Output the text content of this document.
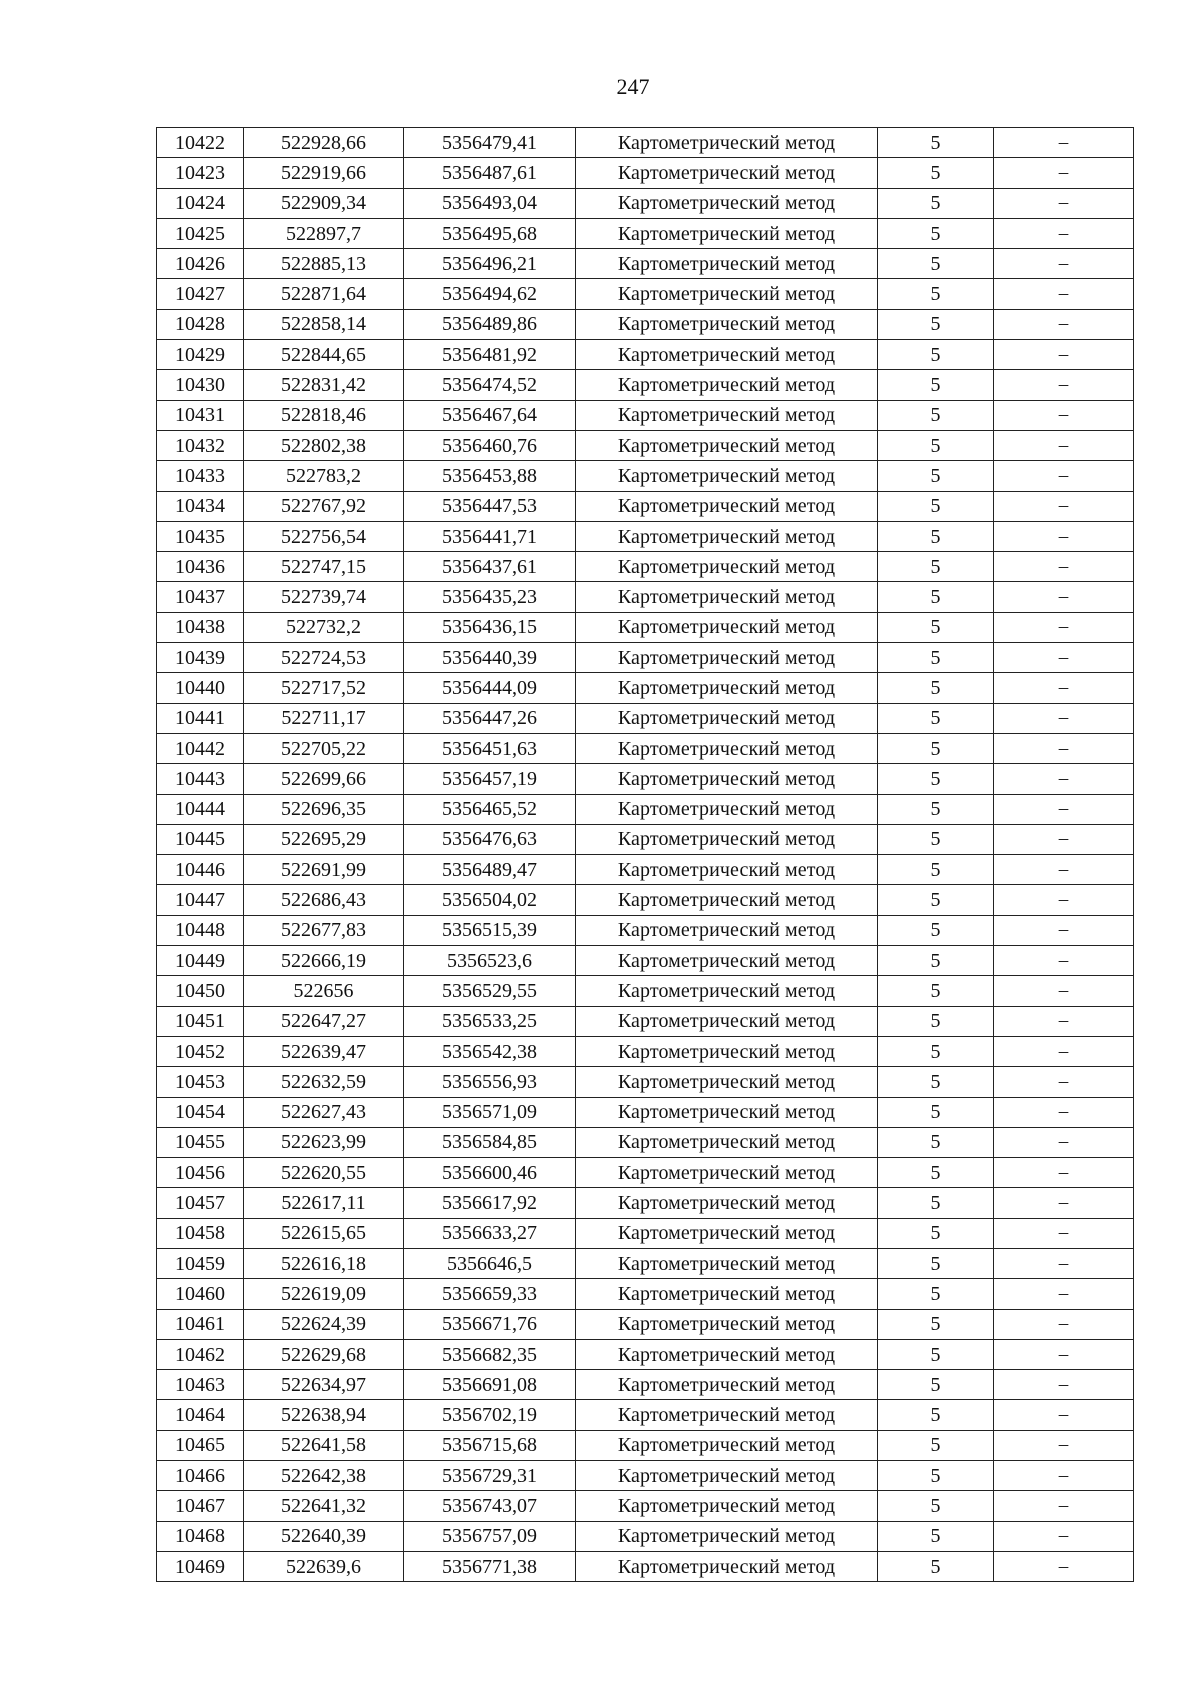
247
10422	522928,66	5356479,41	Картометрический метод	5	–
10423	522919,66	5356487,61	Картометрический метод	5	–
10424	522909,34	5356493,04	Картометрический метод	5	–
10425	522897,7	5356495,68	Картометрический метод	5	–
10426	522885,13	5356496,21	Картометрический метод	5	–
10427	522871,64	5356494,62	Картометрический метод	5	–
10428	522858,14	5356489,86	Картометрический метод	5	–
10429	522844,65	5356481,92	Картометрический метод	5	–
10430	522831,42	5356474,52	Картометрический метод	5	–
10431	522818,46	5356467,64	Картометрический метод	5	–
10432	522802,38	5356460,76	Картометрический метод	5	–
10433	522783,2	5356453,88	Картометрический метод	5	–
10434	522767,92	5356447,53	Картометрический метод	5	–
10435	522756,54	5356441,71	Картометрический метод	5	–
10436	522747,15	5356437,61	Картометрический метод	5	–
10437	522739,74	5356435,23	Картометрический метод	5	–
10438	522732,2	5356436,15	Картометрический метод	5	–
10439	522724,53	5356440,39	Картометрический метод	5	–
10440	522717,52	5356444,09	Картометрический метод	5	–
10441	522711,17	5356447,26	Картометрический метод	5	–
10442	522705,22	5356451,63	Картометрический метод	5	–
10443	522699,66	5356457,19	Картометрический метод	5	–
10444	522696,35	5356465,52	Картометрический метод	5	–
10445	522695,29	5356476,63	Картометрический метод	5	–
10446	522691,99	5356489,47	Картометрический метод	5	–
10447	522686,43	5356504,02	Картометрический метод	5	–
10448	522677,83	5356515,39	Картометрический метод	5	–
10449	522666,19	5356523,6	Картометрический метод	5	–
10450	522656	5356529,55	Картометрический метод	5	–
10451	522647,27	5356533,25	Картометрический метод	5	–
10452	522639,47	5356542,38	Картометрический метод	5	–
10453	522632,59	5356556,93	Картометрический метод	5	–
10454	522627,43	5356571,09	Картометрический метод	5	–
10455	522623,99	5356584,85	Картометрический метод	5	–
10456	522620,55	5356600,46	Картометрический метод	5	–
10457	522617,11	5356617,92	Картометрический метод	5	–
10458	522615,65	5356633,27	Картометрический метод	5	–
10459	522616,18	5356646,5	Картометрический метод	5	–
10460	522619,09	5356659,33	Картометрический метод	5	–
10461	522624,39	5356671,76	Картометрический метод	5	–
10462	522629,68	5356682,35	Картометрический метод	5	–
10463	522634,97	5356691,08	Картометрический метод	5	–
10464	522638,94	5356702,19	Картометрический метод	5	–
10465	522641,58	5356715,68	Картометрический метод	5	–
10466	522642,38	5356729,31	Картометрический метод	5	–
10467	522641,32	5356743,07	Картометрический метод	5	–
10468	522640,39	5356757,09	Картометрический метод	5	–
10469	522639,6	5356771,38	Картометрический метод	5	–
